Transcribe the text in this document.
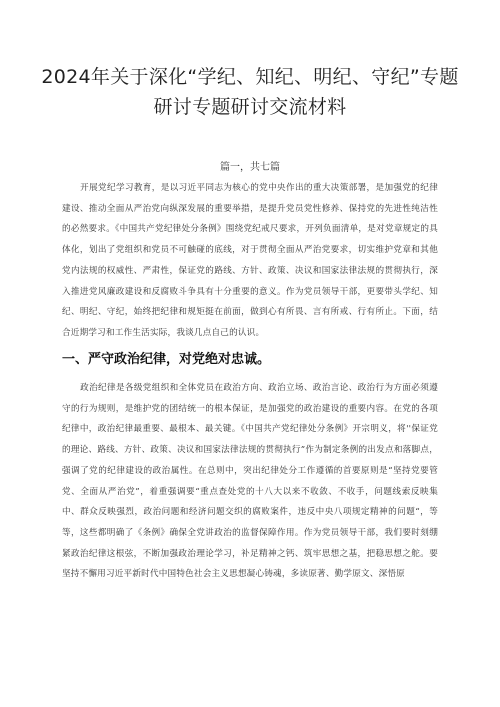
2024年关于深化“学纪、知纪、明纪、守纪”专题
研讨专题研讨交流材料
篇一，共七篇

开展党纪学习教育，是以习近平同志为核心的党中央作出的重大决策部署，是加强党的纪律建设、推动全面从严治党向纵深发展的重要举措，是提升党员党性修养、保持党的先进性纯洁性的必然要求。《中国共产党纪律处分条例》围绕党纪戒尺要求，开列负面清单，是对党章规定的具体化，划出了党组织和党员不可触碰的底线，对于贯彻全面从严治党要求，切实维护党章和其他党内法规的权威性、严肃性，保证党的路线、方针、政策、决议和国家法律法规的贯彻执行，深入推进党风廉政建设和反腐败斗争具有十分重要的意义。作为党员领导干部，更要带头学纪、知纪、明纪、守纪，始终把纪律和规矩挺在前面，做到心有所畏、言有所戒、行有所止。下面，结合近期学习和工作生活实际，我谈几点自己的认识。

一、严守政治纪律，对党绝对忠诚。

政治纪律是各级党组织和全体党员在政治方向、政治立场、政治言论、政治行为方面必须遵守的行为规则，是维护党的团结统一的根本保证，是加强党的政治建设的重要内容。在党的各项纪律中，政治纪律最重要、最根本、最关键。《中国共产党纪律处分条例》开宗明义，将''保证党的理论、路线、方针、政策、决议和国家法律法规的贯彻执行”作为制定条例的出发点和落脚点，强调了党的纪律建设的政治属性。在总则中，突出纪律处分工作遵循的首要原则是“坚持党要管党、全面从严治党”，着重强调要“重点查处党的十八大以来不收敛、不收手，问题线索反映集中、群众反映强烈，政治问题和经济问题交织的腐败案件，违反中央八项规定精神的问题“，等等，这些都明确了《条例》确保全党讲政治的监督保障作用。作为党员领导干部，我们要时刻绷紧政治纪律这根弦，不断加强政治理论学习，补足精神之钙、筑牢思想之基，把稳思想之舵。要坚持不懈用习近平新时代中国特色社会主义思想凝心铸魂，多读原著、勤学原文、深悟原
